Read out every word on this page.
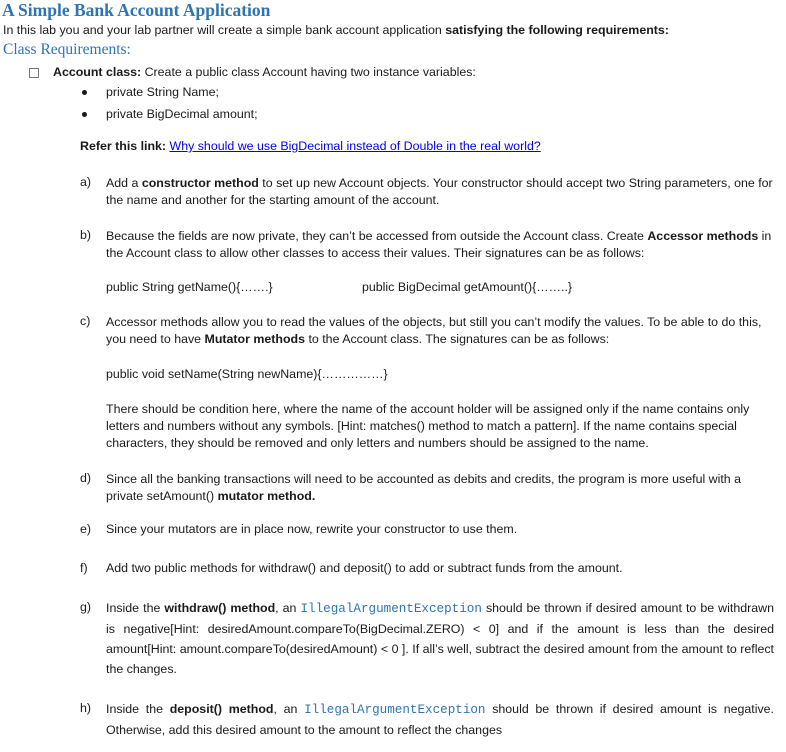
A Simple Bank Account Application
In this lab you and your lab partner will create a simple bank account application satisfying the following requirements:
Class Requirements:
Account class: Create a public class Account having two instance variables:
private String Name;
private BigDecimal amount;
Refer this link: Why should we use BigDecimal instead of Double in the real world?
a) Add a constructor method to set up new Account objects. Your constructor should accept two String parameters, one for the name and another for the starting amount of the account.
b) Because the fields are now private, they can’t be accessed from outside the Account class. Create Accessor methods in the Account class to allow other classes to access their values. Their signatures can be as follows:
public String getName(){…….}	public BigDecimal getAmount(){……..}
c) Accessor methods allow you to read the values of the objects, but still you can’t modify the values. To be able to do this, you need to have Mutator methods to the Account class. The signatures can be as follows:
public void setName(String newName){……………}
There should be condition here, where the name of the account holder will be assigned only if the name contains only letters and numbers without any symbols. [Hint: matches() method to match a pattern]. If the name contains special characters, they should be removed and only letters and numbers should be assigned to the name.
d) Since all the banking transactions will need to be accounted as debits and credits, the program is more useful with a private setAmount() mutator method.
e) Since your mutators are in place now, rewrite your constructor to use them.
f) Add two public methods for withdraw() and deposit() to add or subtract funds from the amount.
g) Inside the withdraw() method, an IllegalArgumentException should be thrown if desired amount to be withdrawn is negative[Hint: desiredAmount.compareTo(BigDecimal.ZERO) < 0] and if the amount is less than the desired amount[Hint: amount.compareTo(desiredAmount) < 0 ]. If all’s well, subtract the desired amount from the amount to reflect the changes.
h) Inside the deposit() method, an IllegalArgumentException should be thrown if desired amount is negative. Otherwise, add this desired amount to the amount to reflect the changes
